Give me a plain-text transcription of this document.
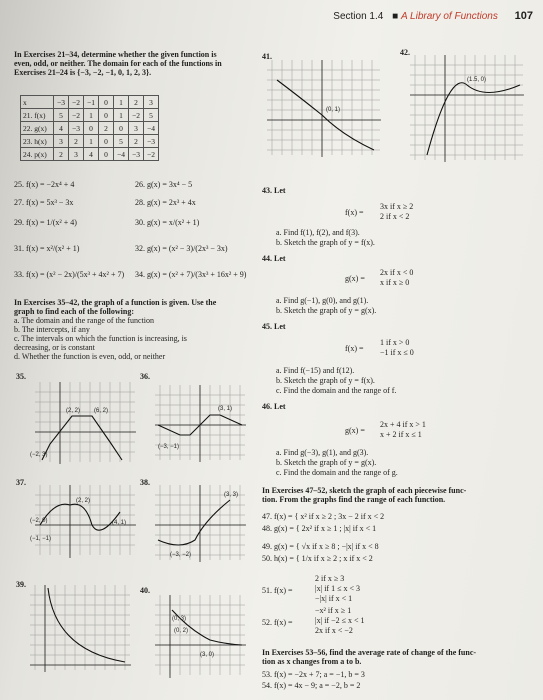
Section 1.4 ■ A Library of Functions 107
In Exercises 21–34, determine whether the given function is
even, odd, or neither. The domain for each of the functions in
Exercises 21–24 is {−3, −2, −1, 0, 1, 2, 3}.
x	−3	−2	−1	0	1	2	3
21. f(x)	5	−2	1	0	1	−2	5
22. g(x)	4	−3	0	2	0	3	−4
23. h(x)	3	2	1	0	5	2	−3
24. p(x)	2	3	4	0	−4	−3	−2
25. f(x) = −2x⁴ + 4
27. f(x) = 5x³ − 3x
29. f(x) = 1/(x² + 4)
31. f(x) = x²/(x² + 1)
33. f(x) = (x² − 2x)/(5x³ + 4x² + 7)
26. g(x) = 3x⁴ − 5
28. g(x) = 2x³ + 4x
30. g(x) = x/(x² + 1)
32. g(x) = (x² − 3)/(2x³ − 3x)
34. g(x) = (x² + 7)/(3x³ + 16x² + 9)
In Exercises 35–42, the graph of a function is given. Use the
graph to find each of the following:
a. The domain and the range of the function
b. The intercepts, if any
c. The intervals on which the function is increasing, is
decreasing, or is constant
d. Whether the function is even, odd, or neither
(2, 2) (6, 2)
(−2, 3)
35.
(−3, −1)
(3, 1)
36.
(2, 2)
(−2, 0)	(4, 1)
(−1, −1)
37.
(3, 3)
(−3, −2)
38.
39.
(0, 3)
(0, 2)
(3, 0)
40.
41.
(0, 1)
42.
(1.5, 0)
43. Let
f(x) =
3x if x ≥ 2
2 if x < 2
a. Find f(1), f(2), and f(3).
b. Sketch the graph of y = f(x).
44. Let
g(x) =
2x if x < 0
x if x ≥ 0
a. Find g(−1), g(0), and g(1).
b. Sketch the graph of y = g(x).
45. Let
f(x) =
1 if x > 0
−1 if x ≤ 0
a. Find f(−15) and f(12).
b. Sketch the graph of y = f(x).
c. Find the domain and the range of f.
46. Let
g(x) =
2x + 4 if x > 1
x + 2 if x ≤ 1
a. Find g(−3), g(1), and g(3).
b. Sketch the graph of y = g(x).
c. Find the domain and the range of g.
In Exercises 47–52, sketch the graph of each piecewise func-
tion. From the graphs find the range of each function.
47. f(x) = { x² if x ≥ 2 ; 3x − 2 if x < 2
48. g(x) = { 2x² if x ≥ 1 ; |x| if x < 1
49. g(x) = { √x if x ≥ 8 ; −|x| if x < 8
50. h(x) = { 1/x if x ≥ 2 ; x if x < 2
51. f(x) =
2 if x ≥ 3
|x| if 1 ≤ x < 3
−|x| if x < 1
52. f(x) =
−x² if x ≥ 1
|x| if −2 ≤ x < 1
2x if x < −2
In Exercises 53–56, find the average rate of change of the func-
tion as x changes from a to b.
53. f(x) = −2x + 7; a = −1, b = 3
54. f(x) = 4x − 9; a = −2, b = 2
